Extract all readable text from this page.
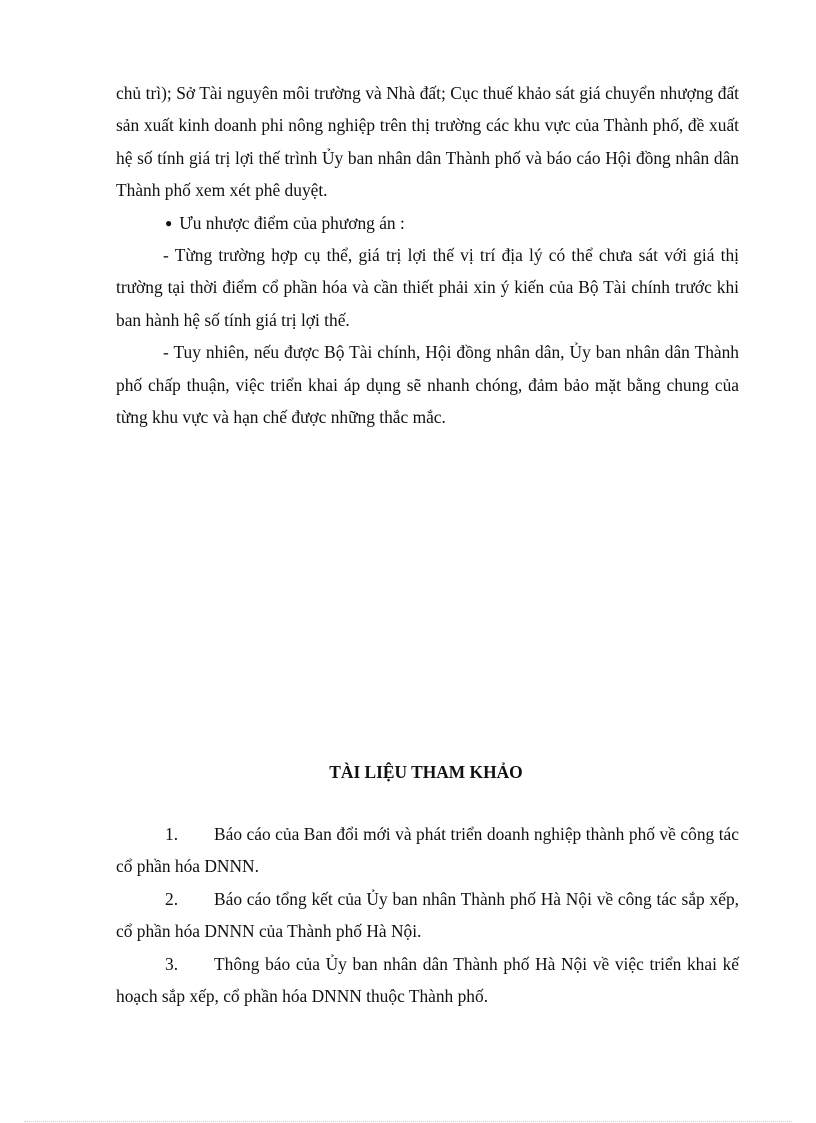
chủ trì); Sở Tài nguyên môi trường và Nhà đất; Cục thuế khảo sát giá chuyển nhượng đất sản xuất kinh doanh phi nông nghiệp trên thị trường các khu vực của Thành phố, đề xuất hệ số tính giá trị lợi thế trình Ủy ban nhân dân Thành phố và báo cáo Hội đồng nhân dân Thành phố xem xét phê duyệt.

● Ưu nhược điểm của phương án :

- Từng trường hợp cụ thể, giá trị lợi thế vị trí địa lý có thể chưa sát với giá thị trường tại thời điểm cổ phần hóa và cần thiết phải xin ý kiến của Bộ Tài chính trước khi ban hành hệ số tính giá trị lợi thế.

- Tuy nhiên, nếu được Bộ Tài chính, Hội đồng nhân dân, Ủy ban nhân dân Thành phố chấp thuận, việc triển khai áp dụng sẽ nhanh chóng, đảm bảo mặt bằng chung của từng khu vực và hạn chế được những thắc mắc.

TÀI LIỆU THAM KHẢO

1. Báo cáo của Ban đổi mới và phát triển doanh nghiệp thành phố về công tác cổ phần hóa DNNN.

2. Báo cáo tổng kết của Ủy ban nhân Thành phố Hà Nội về công tác sắp xếp, cổ phần hóa DNNN của Thành phố Hà Nội.

3. Thông báo của Ủy ban nhân dân Thành phố Hà Nội về việc triển khai kế hoạch sắp xếp, cổ phần hóa DNNN thuộc Thành phố.
